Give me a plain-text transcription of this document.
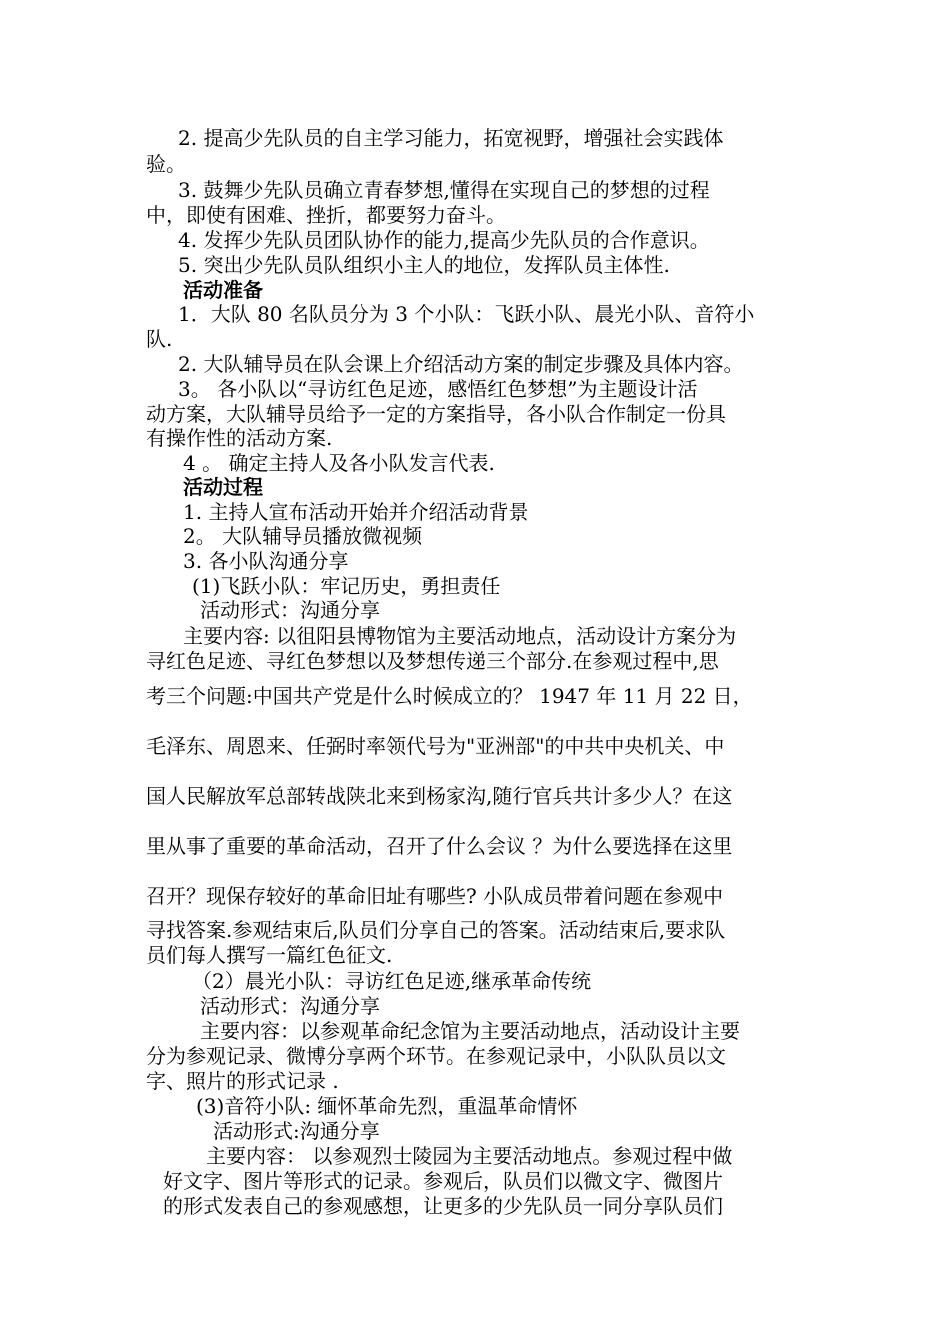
2. 提高少先队员的自主学习能力，拓宽视野，增强社会实践体
验。
3. 鼓舞少先队员确立青春梦想,懂得在实现自己的梦想的过程
中，即使有困难、挫折，都要努力奋斗。
4. 发挥少先队员团队协作的能力,提高少先队员的合作意识。
5. 突出少先队员队组织小主人的地位，发挥队员主体性.
活动准备
1．大队 80 名队员分为 3 个小队：飞跃小队、晨光小队、音符小
队.
2. 大队辅导员在队会课上介绍活动方案的制定步骤及具体内容。
3。 各小队以“寻访红色足迹，感悟红色梦想”为主题设计活
动方案，大队辅导员给予一定的方案指导，各小队合作制定一份具
有操作性的活动方案.
4 。 确定主持人及各小队发言代表.
活动过程
1. 主持人宣布活动开始并介绍活动背景
2。 大队辅导员播放微视频
3. 各小队沟通分享
(1)飞跃小队：牢记历史，勇担责任
活动形式：沟通分享
主要内容: 以徂阳县博物馆为主要活动地点，活动设计方案分为
寻红色足迹、寻红色梦想以及梦想传递三个部分.在参观过程中,思
考三个问题:中国共产党是什么时候成立的？ 1947 年 11 月 22 日，
毛泽东、周恩来、任弼时率领代号为"亚洲部"的中共中央机关、中
国人民解放军总部转战陕北来到杨家沟,随行官兵共计多少人？在这
里从事了重要的革命活动，召开了什么会议 ？为什么要选择在这里
召开？现保存较好的革命旧址有哪些? 小队成员带着问题在参观中
寻找答案.参观结束后,队员们分享自己的答案。活动结束后,要求队
员们每人撰写一篇红色征文.
（2）晨光小队：寻访红色足迹,继承革命传统
活动形式：沟通分享
主要内容：以参观革命纪念馆为主要活动地点，活动设计主要
分为参观记录、微博分享两个环节。在参观记录中，小队队员以文
字、照片的形式记录 .
(3)音符小队: 缅怀革命先烈，重温革命情怀
活动形式:沟通分享
主要内容： 以参观烈士陵园为主要活动地点。参观过程中做
好文字、图片等形式的记录。参观后，队员们以微文字、微图片
的形式发表自己的参观感想，让更多的少先队员一同分享队员们
